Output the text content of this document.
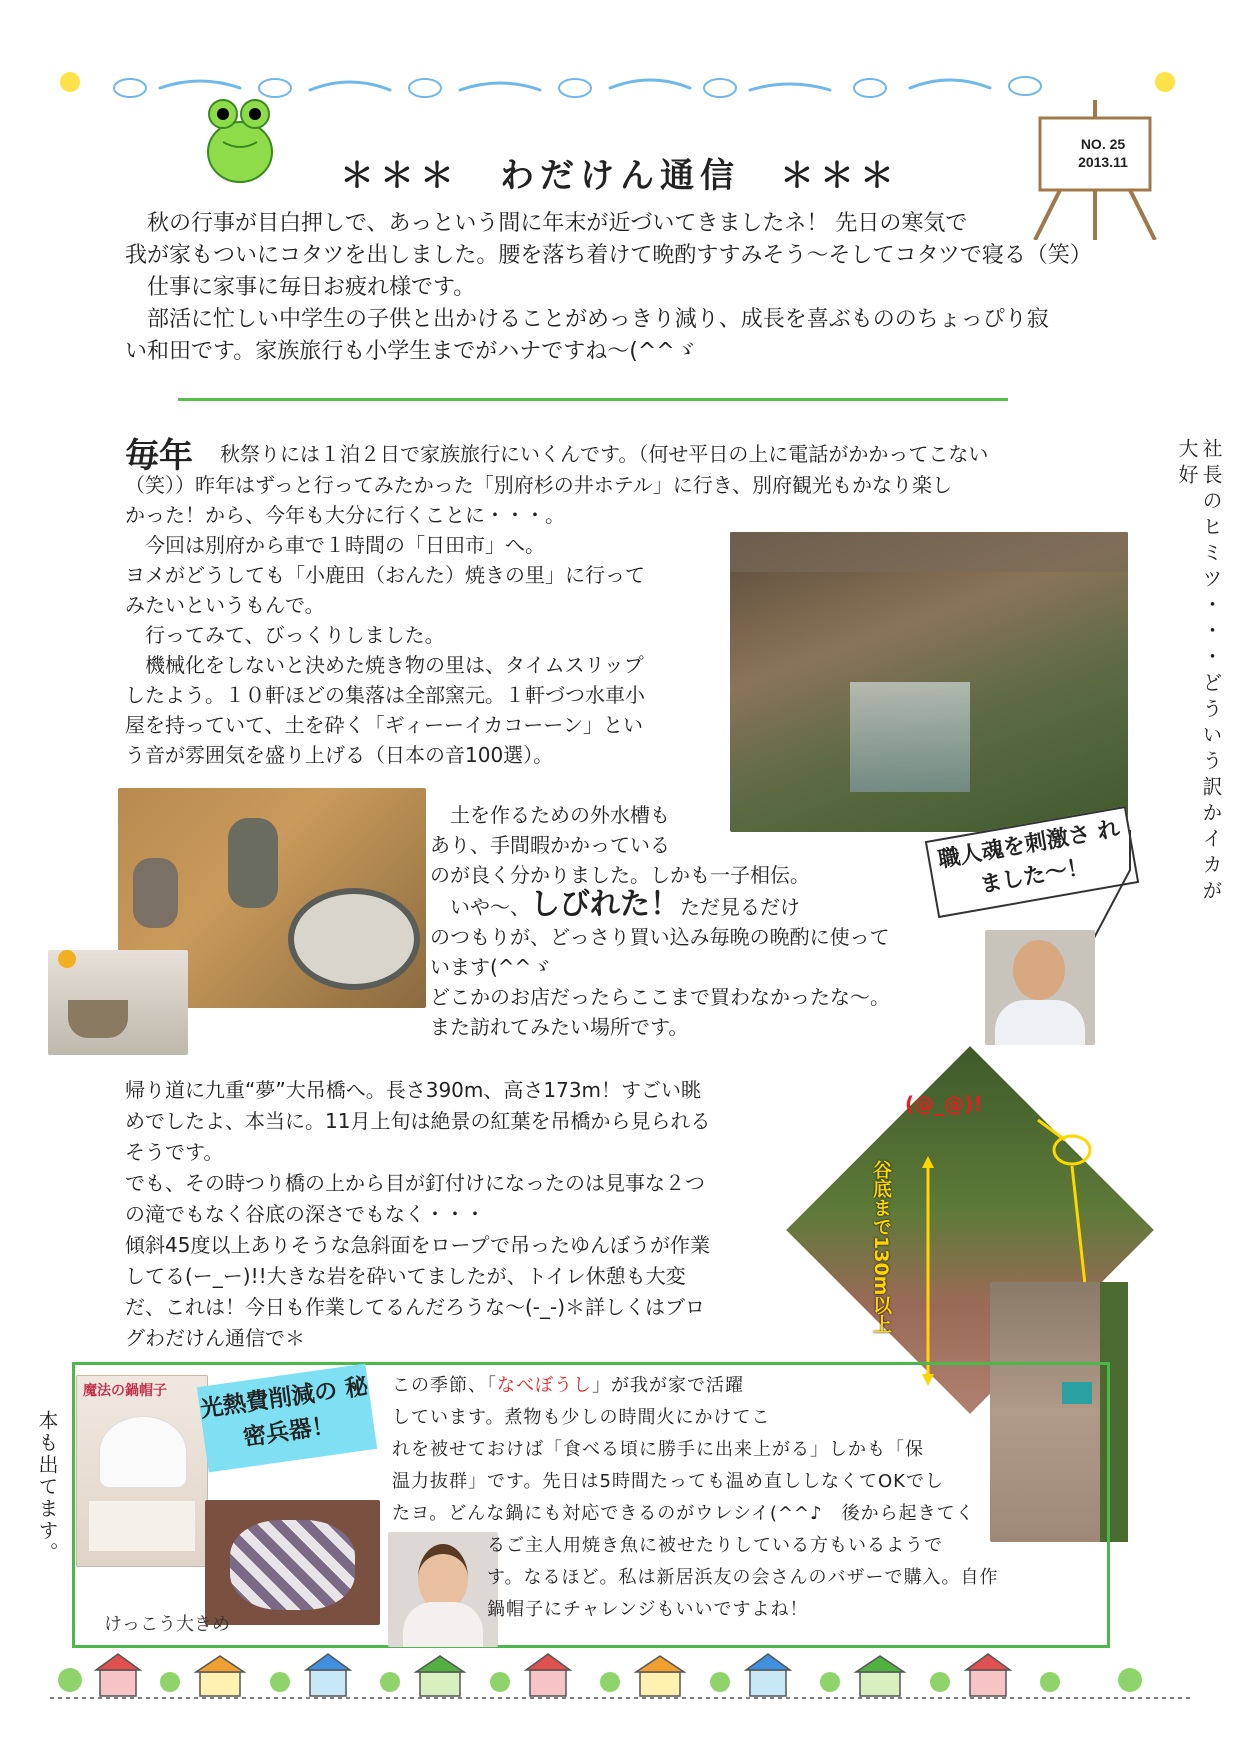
＊＊＊　わだけん通信　＊＊＊
NO. 25
2013.11

　秋の行事が目白押しで、あっという間に年末が近づいてきましたネ！ 先日の寒気で

我が家もついにコタツを出しました。腰を落ち着けて晩酌すすみそう～そしてコタツで寝る（笑）

　仕事に家事に毎日お疲れ様です。

　部活に忙しい中学生の子供と出かけることがめっきり減り、成長を喜ぶもののちょっぴり寂

い和田です。家族旅行も小学生までがハナですね～(^^ゞ

社長のヒミツ・・・どういう訳かイカが大好
毎年 秋祭りには１泊２日で家族旅行にいくんです。（何せ平日の上に電話がかかってこない

（笑））昨年はずっと行ってみたかった「別府杉の井ホテル」に行き、別府観光もかなり楽し

かった！から、今年も大分に行くことに・・・。

　今回は別府から車で１時間の「日田市」へ。

ヨメがどうしても「小鹿田（おんた）焼きの里」に行って

みたいというもんで。

　行ってみて、びっくりしました。

　機械化をしないと決めた焼き物の里は、タイムスリップ

したよう。１０軒ほどの集落は全部窯元。１軒づつ水車小

屋を持っていて、土を砕く「ギィーーイカコーーン」とい

う音が雰囲気を盛り上げる（日本の音100選）。

　土を作るための外水槽も

あり、手間暇かかっている

のが良く分かりました。しかも一子相伝。

　いや～、しびれた！ただ見るだけ

のつもりが、どっさり買い込み毎晩の晩酌に使って

います(^^ゞ

どこかのお店だったらここまで買わなかったな～。

また訪れてみたい場所です。

職人魂を刺激さ れました～！

帰り道に九重“夢”大吊橋へ。長さ390m、高さ173m！すごい眺

めでしたよ、本当に。11月上旬は絶景の紅葉を吊橋から見られる

そうです。

でも、その時つり橋の上から目が釘付けになったのは見事な２つ

の滝でもなく谷底の深さでもなく・・・

傾斜45度以上ありそうな急斜面をロープで吊ったゆんぼうが作業

してる(ー_ー)!!大きな岩を砕いてましたが、トイレ休憩も大変

だ、これは！今日も作業してるんだろうな～(-_-)＊詳しくはブロ

グわだけん通信で＊

(@_@)!
谷底まで130m以上
本も出てます。
魔法の鍋帽子 光熱費削減の 秘密兵器！
けっこう大きめ

この季節、「なべぼうし」が我が家で活躍

しています。煮物も少しの時間火にかけてこ

れを被せておけば「食べる頃に勝手に出来上がる」しかも「保

温力抜群」です。先日は5時間たっても温め直ししなくてOKでし

たヨ。どんな鍋にも対応できるのがウレシイ(^^♪　後から起きてく

　　　　　るご主人用焼き魚に被せたりしている方もいるようで

　　　　　す。なるほど。私は新居浜友の会さんのバザーで購入。自作

　　　　　鍋帽子にチャレンジもいいですよね！
